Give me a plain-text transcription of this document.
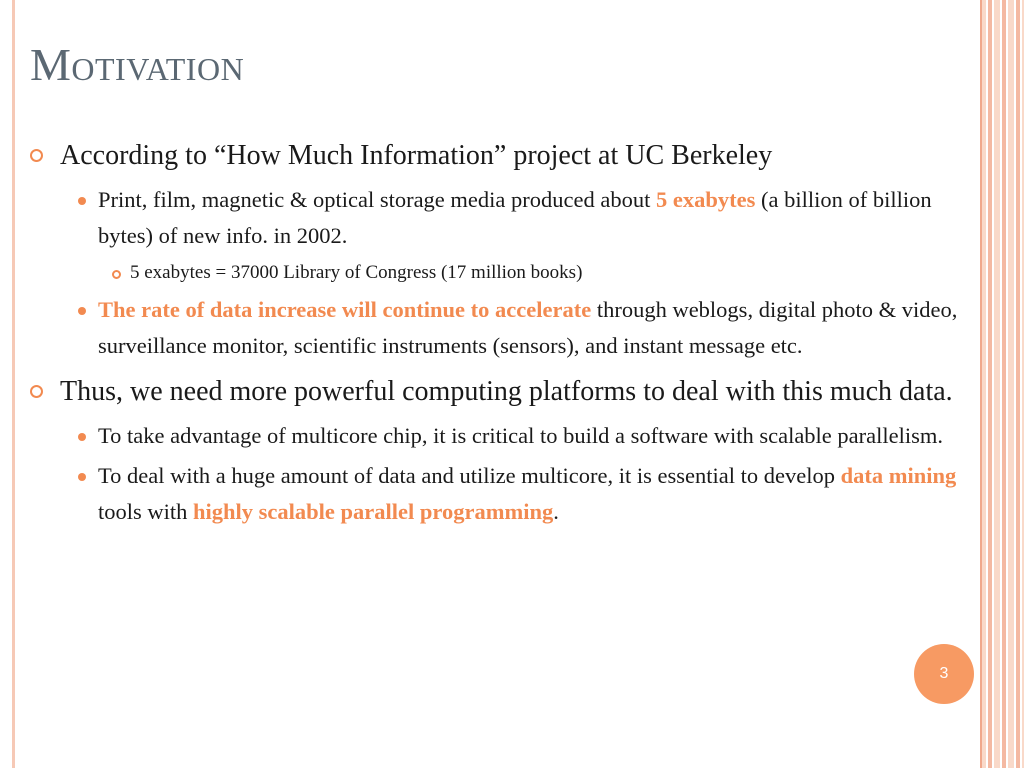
Motivation
According to “How Much Information” project at UC Berkeley
Print, film, magnetic & optical storage media produced about 5 exabytes (a billion of billion bytes) of new info. in 2002.
5 exabytes = 37000 Library of Congress (17 million books)
The rate of data increase will continue to accelerate through weblogs, digital photo & video, surveillance monitor, scientific instruments (sensors), and instant message etc.
Thus, we need more powerful computing platforms to deal with this much data.
To take advantage of multicore chip, it is critical to build a software with scalable parallelism.
To deal with a huge amount of data and utilize multicore, it is essential to develop data mining tools with highly scalable parallel programming.
3
